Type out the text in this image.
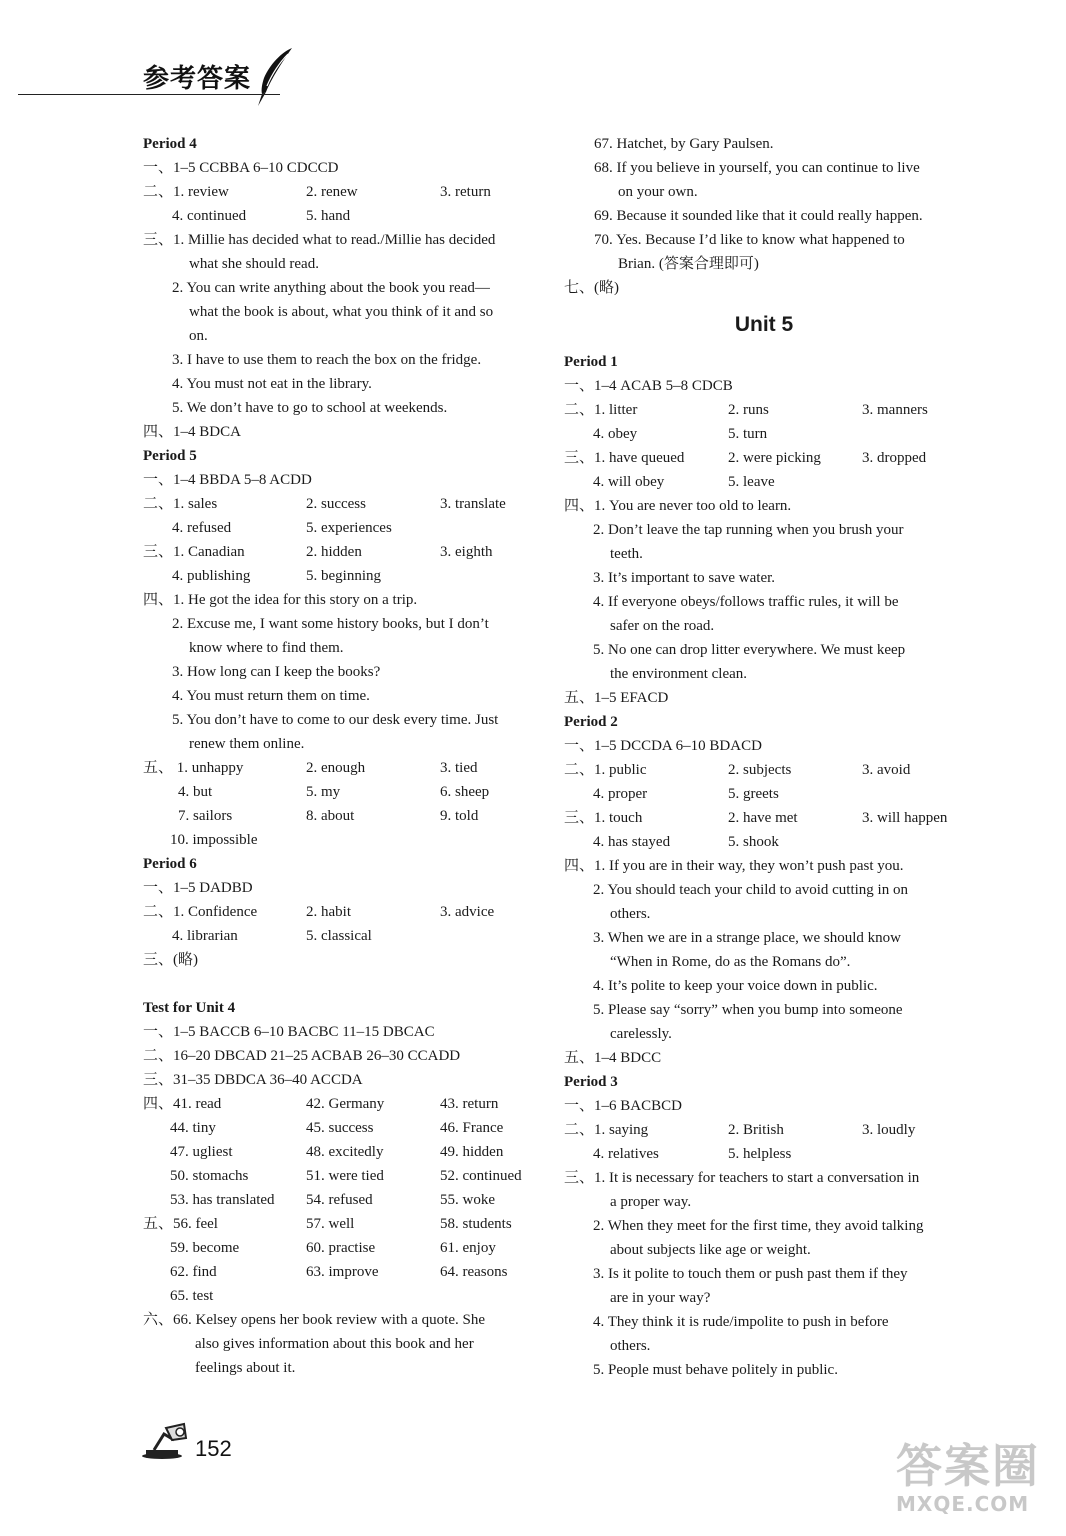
参考答案
Period 4
一、1–5 CCBBA 6–10 CDCCD
二、1. review	2. renew	3. return
4. continued	5. hand
三、1. Millie has decided what to read./Millie has decided
what she should read.
2. You can write anything about the book you read—
what the book is about, what you think of it and so
on.
3. I have to use them to reach the box on the fridge.
4. You must not eat in the library.
5. We don’t have to go to school at weekends.
四、1–4 BDCA
Period 5
一、1–4 BBDA 5–8 ACDD
二、1. sales	2. success	3. translate
4. refused	5. experiences
三、1. Canadian	2. hidden	3. eighth
4. publishing	5. beginning
四、1. He got the idea for this story on a trip.
2. Excuse me, I want some history books, but I don’t
know where to find them.
3. How long can I keep the books?
4. You must return them on time.
5. You don’t have to come to our desk every time. Just
renew them online.
五、 1. unhappy	2. enough	3. tied
4. but	5. my	6. sheep
7. sailors	8. about	9. told
10. impossible
Period 6
一、1–5 DADBD
二、1. Confidence	2. habit	3. advice
4. librarian	5. classical
三、(略)
Test for Unit 4
一、1–5 BACCB 6–10 BACBC 11–15 DBCAC
二、16–20 DBCAD 21–25 ACBAB 26–30 CCADD
三、31–35 DBDCA 36–40 ACCDA
四、41. read	42. Germany	43. return
44. tiny	45. success	46. France
47. ugliest	48. excitedly	49. hidden
50. stomachs	51. were tied	52. continued
53. has translated 54. refused	55. woke
五、56. feel	57. well	58. students
59. become	60. practise	61. enjoy
62. find	63. improve	64. reasons
65. test
六、66. Kelsey opens her book review with a quote. She
also gives information about this book and her
feelings about it.
67. Hatchet, by Gary Paulsen.
68. If you believe in yourself, you can continue to live
on your own.
69. Because it sounded like that it could really happen.
70. Yes. Because I’d like to know what happened to
Brian. (答案合理即可)
七、(略)
Unit 5
Period 1
一、1–4 ACAB 5–8 CDCB
二、1. litter	2. runs	3. manners
4. obey	5. turn
三、1. have queued	2. were picking	3. dropped
4. will obey	5. leave
四、1. You are never too old to learn.
2. Don’t leave the tap running when you brush your
teeth.
3. It’s important to save water.
4. If everyone obeys/follows traffic rules, it will be
safer on the road.
5. No one can drop litter everywhere. We must keep
the environment clean.
五、1–5 EFACD
Period 2
一、1–5 DCCDA 6–10 BDACD
二、1. public	2. subjects	3. avoid
4. proper	5. greets
三、1. touch	2. have met	3. will happen
4. has stayed	5. shook
四、1. If you are in their way, they won’t push past you.
2. You should teach your child to avoid cutting in on
others.
3. When we are in a strange place, we should know
“When in Rome, do as the Romans do”.
4. It’s polite to keep your voice down in public.
5. Please say “sorry” when you bump into someone
carelessly.
五、1–4 BDCC
Period 3
一、1–6 BACBCD
二、1. saying	2. British	3. loudly
4. relatives	5. helpless
三、1. It is necessary for teachers to start a conversation in
a proper way.
2. When they meet for the first time, they avoid talking
about subjects like age or weight.
3. Is it polite to touch them or push past them if they
are in your way?
4. They think it is rude/impolite to push in before
others.
5. People must behave politely in public.
152	答案圈
MXQE.COM
